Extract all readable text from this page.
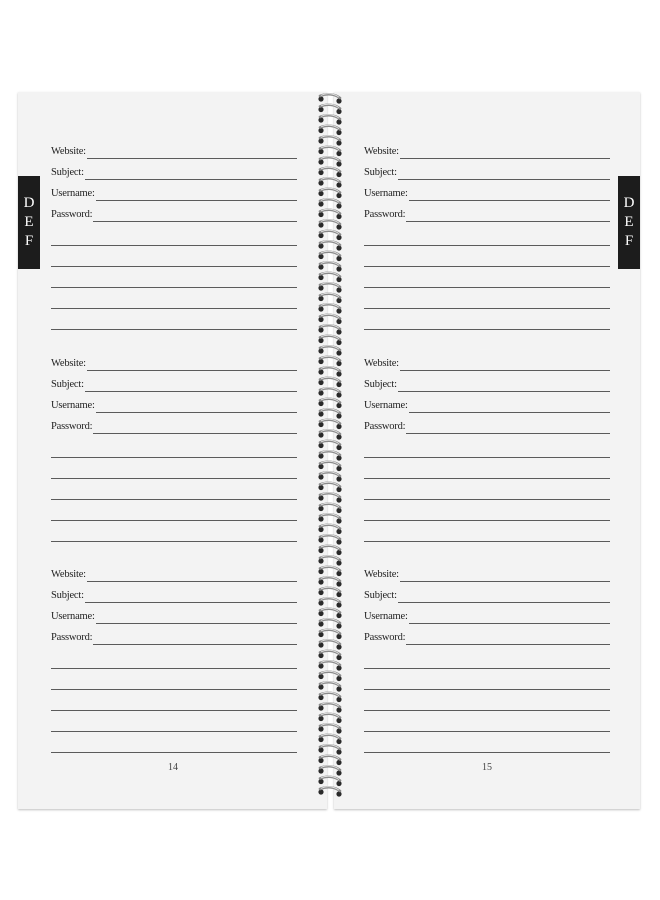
D
E
F
D
E
F
Website:
Subject:
Username:
Password:
Website:
Subject:
Username:
Password:
Website:
Subject:
Username:
Password:
Website:
Subject:
Username:
Password:
Website:
Subject:
Username:
Password:
Website:
Subject:
Username:
Password:
14	15
